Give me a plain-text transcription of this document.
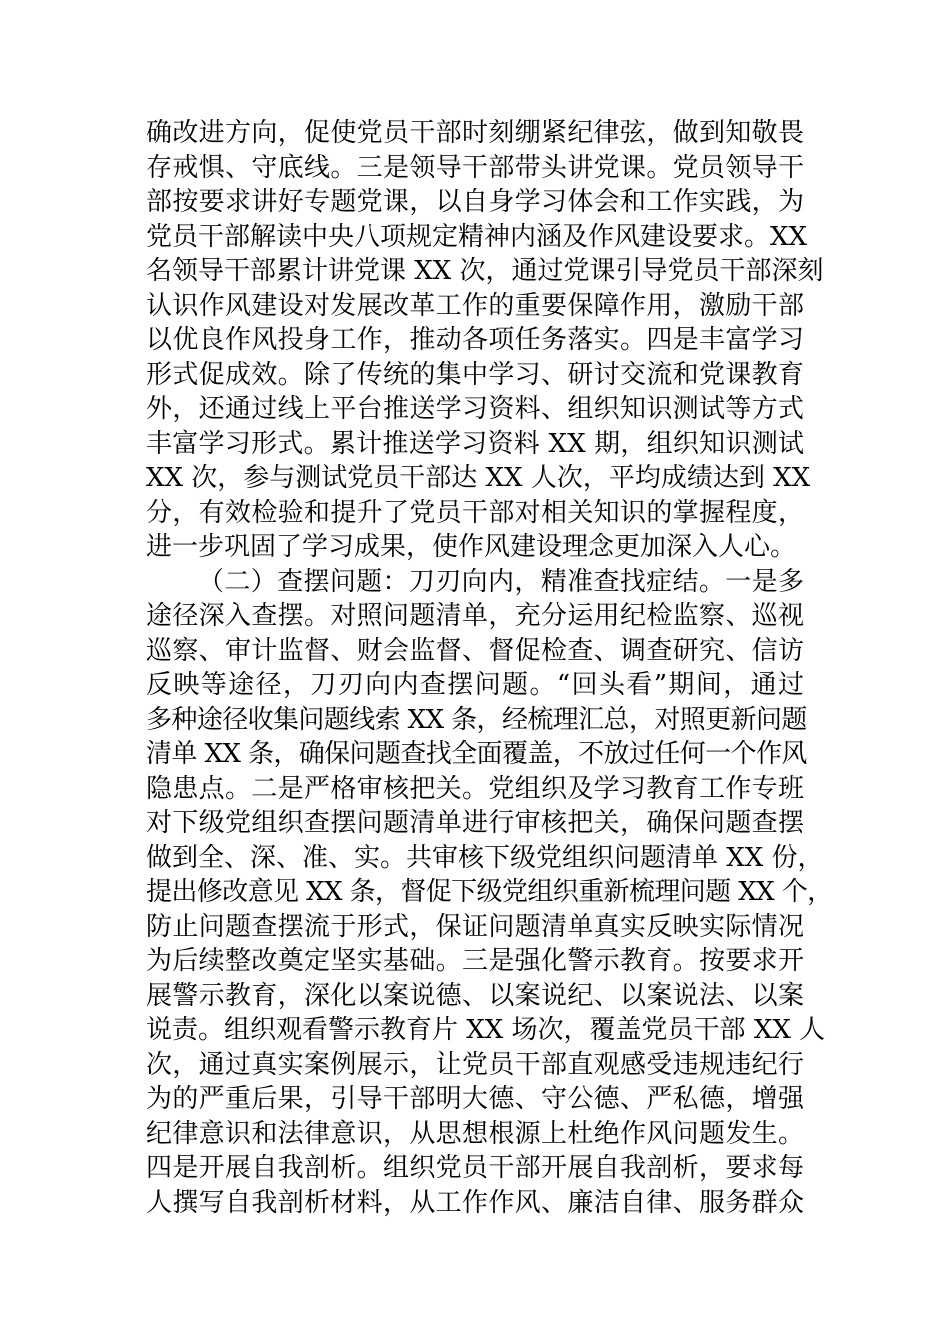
确改进方向，促使党员干部时刻绷紧纪律弦，做到知敬畏
存戒惧、守底线。三是领导干部带头讲党课。党员领导干
部按要求讲好专题党课，以自身学习体会和工作实践，为
党员干部解读中央八项规定精神内涵及作风建设要求。XX
名领导干部累计讲党课 XX 次，通过党课引导党员干部深刻
认识作风建设对发展改革工作的重要保障作用，激励干部
以优良作风投身工作，推动各项任务落实。四是丰富学习
形式促成效。除了传统的集中学习、研讨交流和党课教育
外，还通过线上平台推送学习资料、组织知识测试等方式
丰富学习形式。累计推送学习资料 XX 期，组织知识测试
XX 次，参与测试党员干部达 XX 人次，平均成绩达到 XX
分，有效检验和提升了党员干部对相关知识的掌握程度，
进一步巩固了学习成果，使作风建设理念更加深入人心。
（二）查摆问题：刀刃向内，精准查找症结。一是多
途径深入查摆。对照问题清单，充分运用纪检监察、巡视
巡察、审计监督、财会监督、督促检查、调查研究、信访
反映等途径，刀刃向内查摆问题。“回头看”期间，通过
多种途径收集问题线索 XX 条，经梳理汇总，对照更新问题
清单 XX 条，确保问题查找全面覆盖，不放过任何一个作风
隐患点。二是严格审核把关。党组织及学习教育工作专班
对下级党组织查摆问题清单进行审核把关，确保问题查摆
做到全、深、准、实。共审核下级党组织问题清单 XX 份，
提出修改意见 XX 条，督促下级党组织重新梳理问题 XX 个，
防止问题查摆流于形式，保证问题清单真实反映实际情况
为后续整改奠定坚实基础。三是强化警示教育。按要求开
展警示教育，深化以案说德、以案说纪、以案说法、以案
说责。组织观看警示教育片 XX 场次，覆盖党员干部 XX 人
次，通过真实案例展示，让党员干部直观感受违规违纪行
为的严重后果，引导干部明大德、守公德、严私德，增强
纪律意识和法律意识，从思想根源上杜绝作风问题发生。
四是开展自我剖析。组织党员干部开展自我剖析，要求每
人撰写自我剖析材料，从工作作风、廉洁自律、服务群众
